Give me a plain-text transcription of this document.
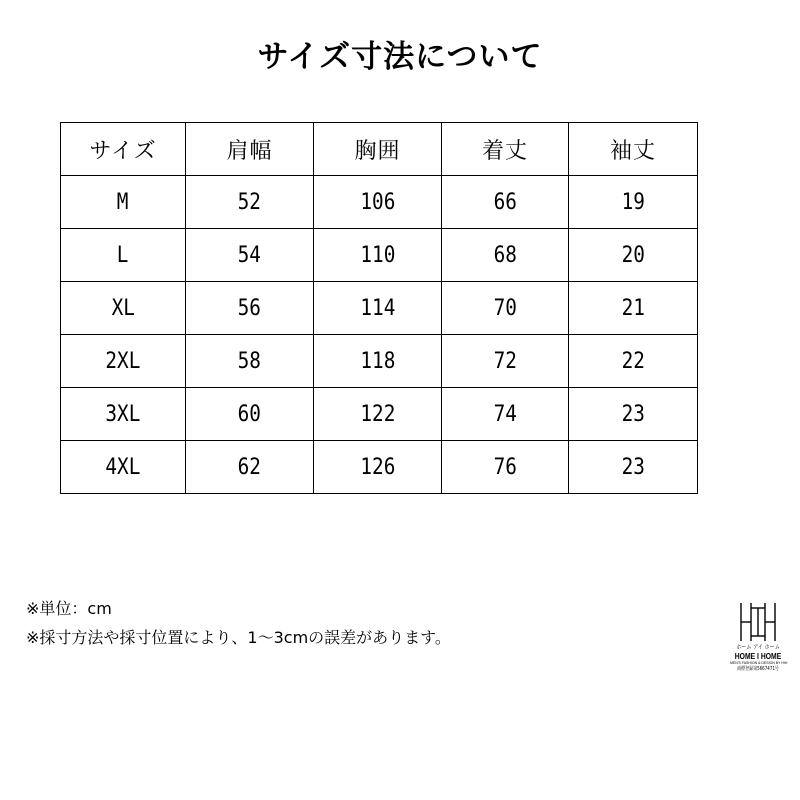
サイズ寸法について
サイズ	肩幅	胸囲	着丈	袖丈
M	52	106	66	19
L	54	110	68	20
XL	56	114	70	21
2XL	58	118	72	22
3XL	60	122	74	23
4XL	62	126	76	23
※単位：cm
※採寸方法や採寸位置により、1～3cmの誤差があります。
ホーム アイ ホーム
HOME I HOME
MEN'S FASHION & DESIGN BY HIH
商標登録第5667471号
